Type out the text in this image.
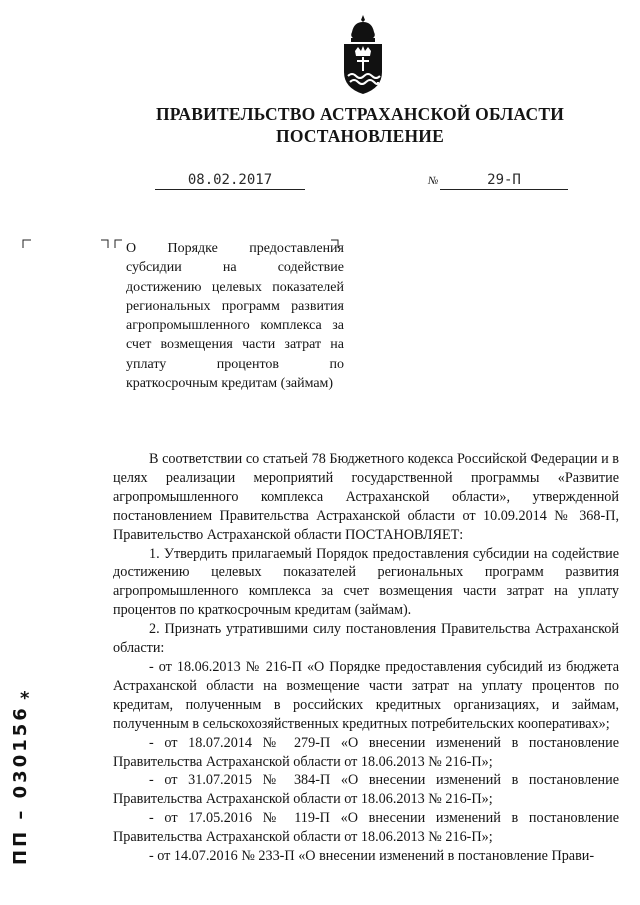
ПРАВИТЕЛЬСТВО АСТРАХАНСКОЙ ОБЛАСТИ
ПОСТАНОВЛЕНИЕ
08.02.2017	№	29-П

О Порядке предоставления субсидии на содействие достижению целевых показателей региональных программ развития агропромышленного комплекса за счет возмещения части затрат на уплату процентов по краткосрочным кредитам (займам)

В соответствии со статьей 78 Бюджетного кодекса Российской Федерации и в целях реализации мероприятий государственной программы «Развитие агропромышленного комплекса Астраханской области», утвержденной постановлением Правительства Астраханской области от 10.09.2014 № 368-П, Правительство Астраханской области ПОСТАНОВЛЯЕТ:

1. Утвердить прилагаемый Порядок предоставления субсидии на содействие достижению целевых показателей региональных программ развития агропромышленного комплекса за счет возмещения части затрат на уплату процентов по краткосрочным кредитам (займам).

2. Признать утратившими силу постановления Правительства Астраханской области:

- от 18.06.2013 № 216-П «О Порядке предоставления субсидий из бюджета Астраханской области на возмещение части затрат на уплату процентов по кредитам, полученным в российских кредитных организациях, и займам, полученным в сельскохозяйственных кредитных потребительских кооперативах»;

- от 18.07.2014 № 279-П «О внесении изменений в постановление Правительства Астраханской области от 18.06.2013 № 216-П»;

- от 31.07.2015 № 384-П «О внесении изменений в постановление Правительства Астраханской области от 18.06.2013 № 216-П»;

- от 17.05.2016 № 119-П «О внесении изменений в постановление Правительства Астраханской области от 18.06.2013 № 216-П»;

- от 14.07.2016 № 233-П «О внесении изменений в постановление Прави-

ПП – 030156
*
